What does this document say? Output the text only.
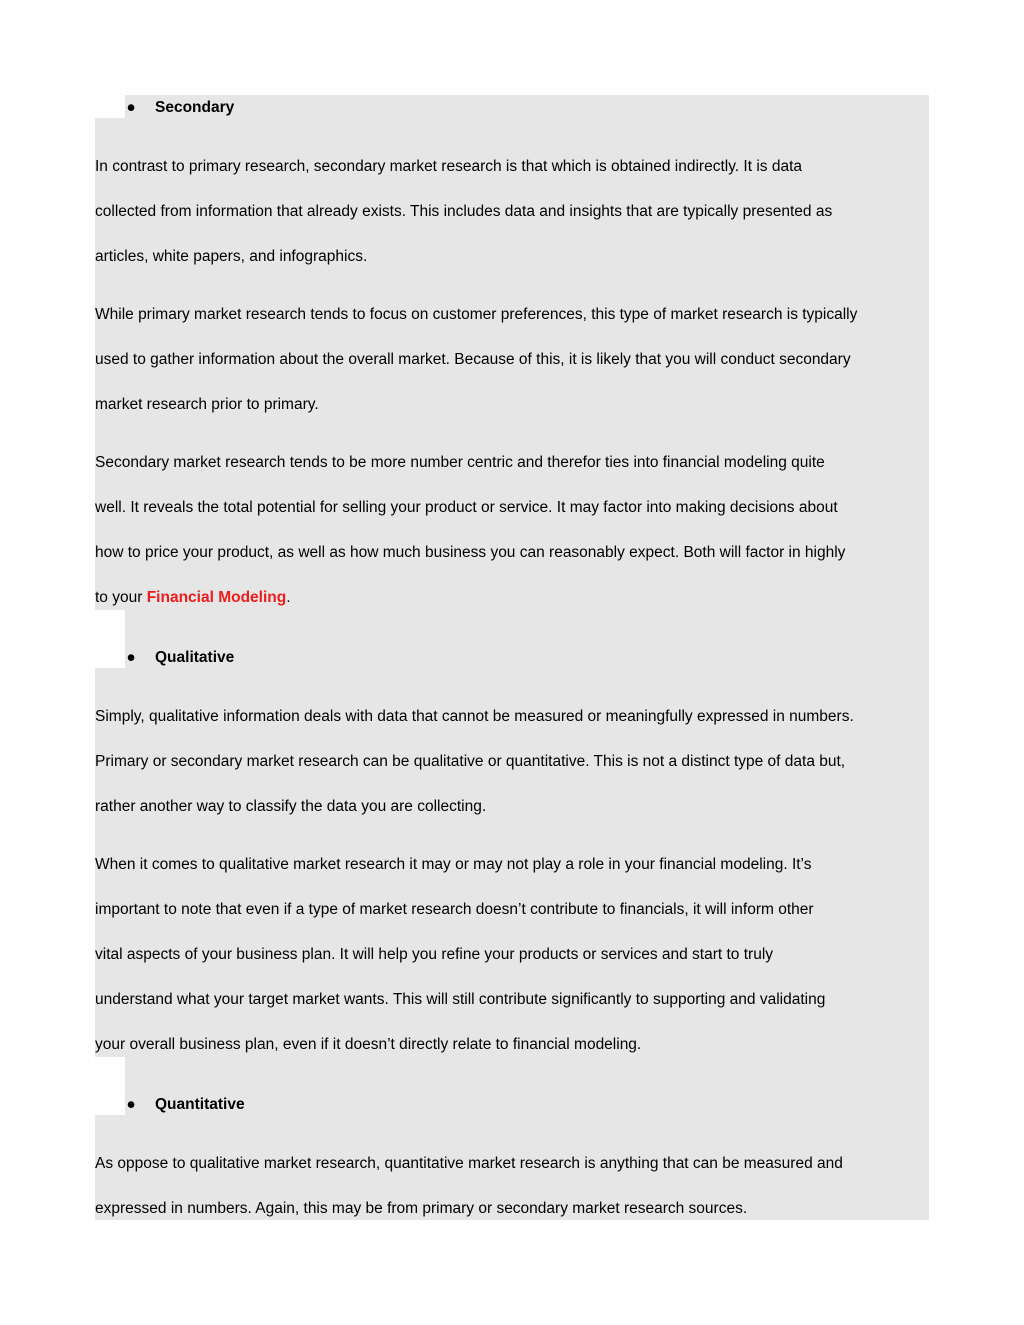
● Secondary
In contrast to primary research, secondary market research is that which is obtained indirectly. It is data
collected from information that already exists. This includes data and insights that are typically presented as
articles, white papers, and infographics.
While primary market research tends to focus on customer preferences, this type of market research is typically
used to gather information about the overall market. Because of this, it is likely that you will conduct secondary
market research prior to primary.
Secondary market research tends to be more number centric and therefor ties into financial modeling quite
well. It reveals the total potential for selling your product or service. It may factor into making decisions about
how to price your product, as well as how much business you can reasonably expect. Both will factor in highly
to your Financial Modeling.
● Qualitative
Simply, qualitative information deals with data that cannot be measured or meaningfully expressed in numbers.
Primary or secondary market research can be qualitative or quantitative. This is not a distinct type of data but,
rather another way to classify the data you are collecting.
When it comes to qualitative market research it may or may not play a role in your financial modeling. It’s
important to note that even if a type of market research doesn’t contribute to financials, it will inform other
vital aspects of your business plan. It will help you refine your products or services and start to truly
understand what your target market wants. This will still contribute significantly to supporting and validating
your overall business plan, even if it doesn’t directly relate to financial modeling.
● Quantitative
As oppose to qualitative market research, quantitative market research is anything that can be measured and
expressed in numbers. Again, this may be from primary or secondary market research sources.
